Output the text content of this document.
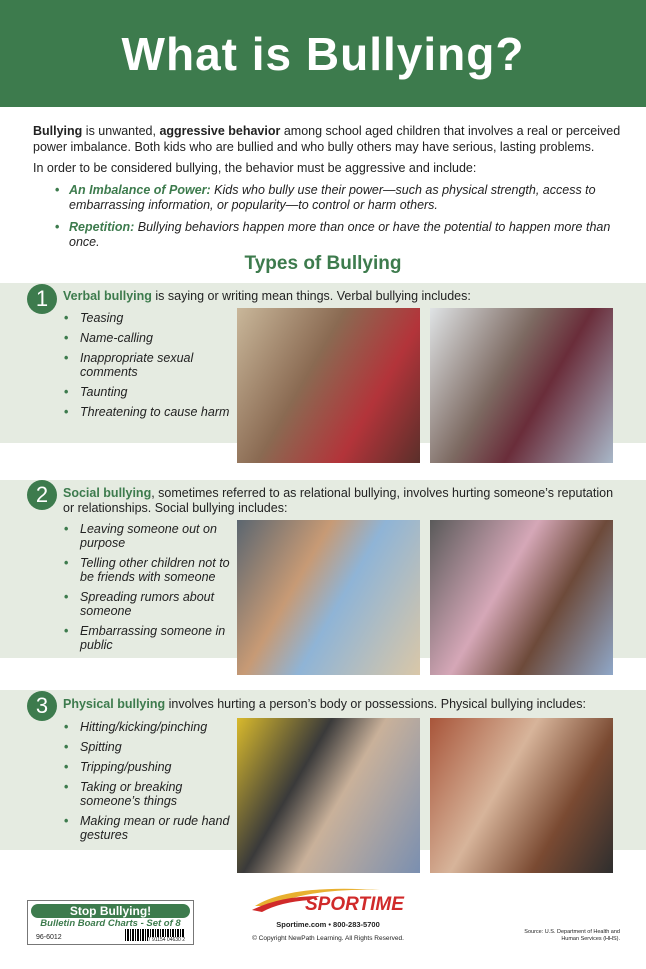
What is Bullying?

Bullying is unwanted, aggressive behavior among school aged children that involves a real or perceived power imbalance. Both kids who are bullied and who bully others may have serious, lasting problems.

In order to be considered bullying, the behavior must be aggressive and include:

• An Imbalance of Power: Kids who bully use their power—such as physical strength, access to embarrassing information, or popularity—to control or harm others.
• Repetition: Bullying behaviors happen more than once or have the potential to happen more than once.
Types of Bullying
1	Verbal bullying is saying or writing mean things. Verbal bullying includes:
• Teasing
• Name-calling
• Inappropriate sexual comments
• Taunting
• Threatening to cause harm
2	Social bullying, sometimes referred to as relational bullying, involves hurting someone’s reputation or relationships. Social bullying includes:
• Leaving someone out on purpose
• Telling other children not to be friends with someone
• Spreading rumors about someone
• Embarrassing someone in public
3	Physical bullying involves hurting a person’s body or possessions. Physical bullying includes:
• Hitting/kicking/pinching
• Spitting
• Tripping/pushing
• Taking or breaking someone’s things
• Making mean or rude hand gestures
Stop Bullying!
Bulletin Board Charts - Set of 8
96-6012	7 91154 04630 2
SPORTIME
Sportime.com • 800-283-5700
© Copyright NewPath Learning. All Rights Reserved.
Source: U.S. Department of Health and Human Services (HHS).
